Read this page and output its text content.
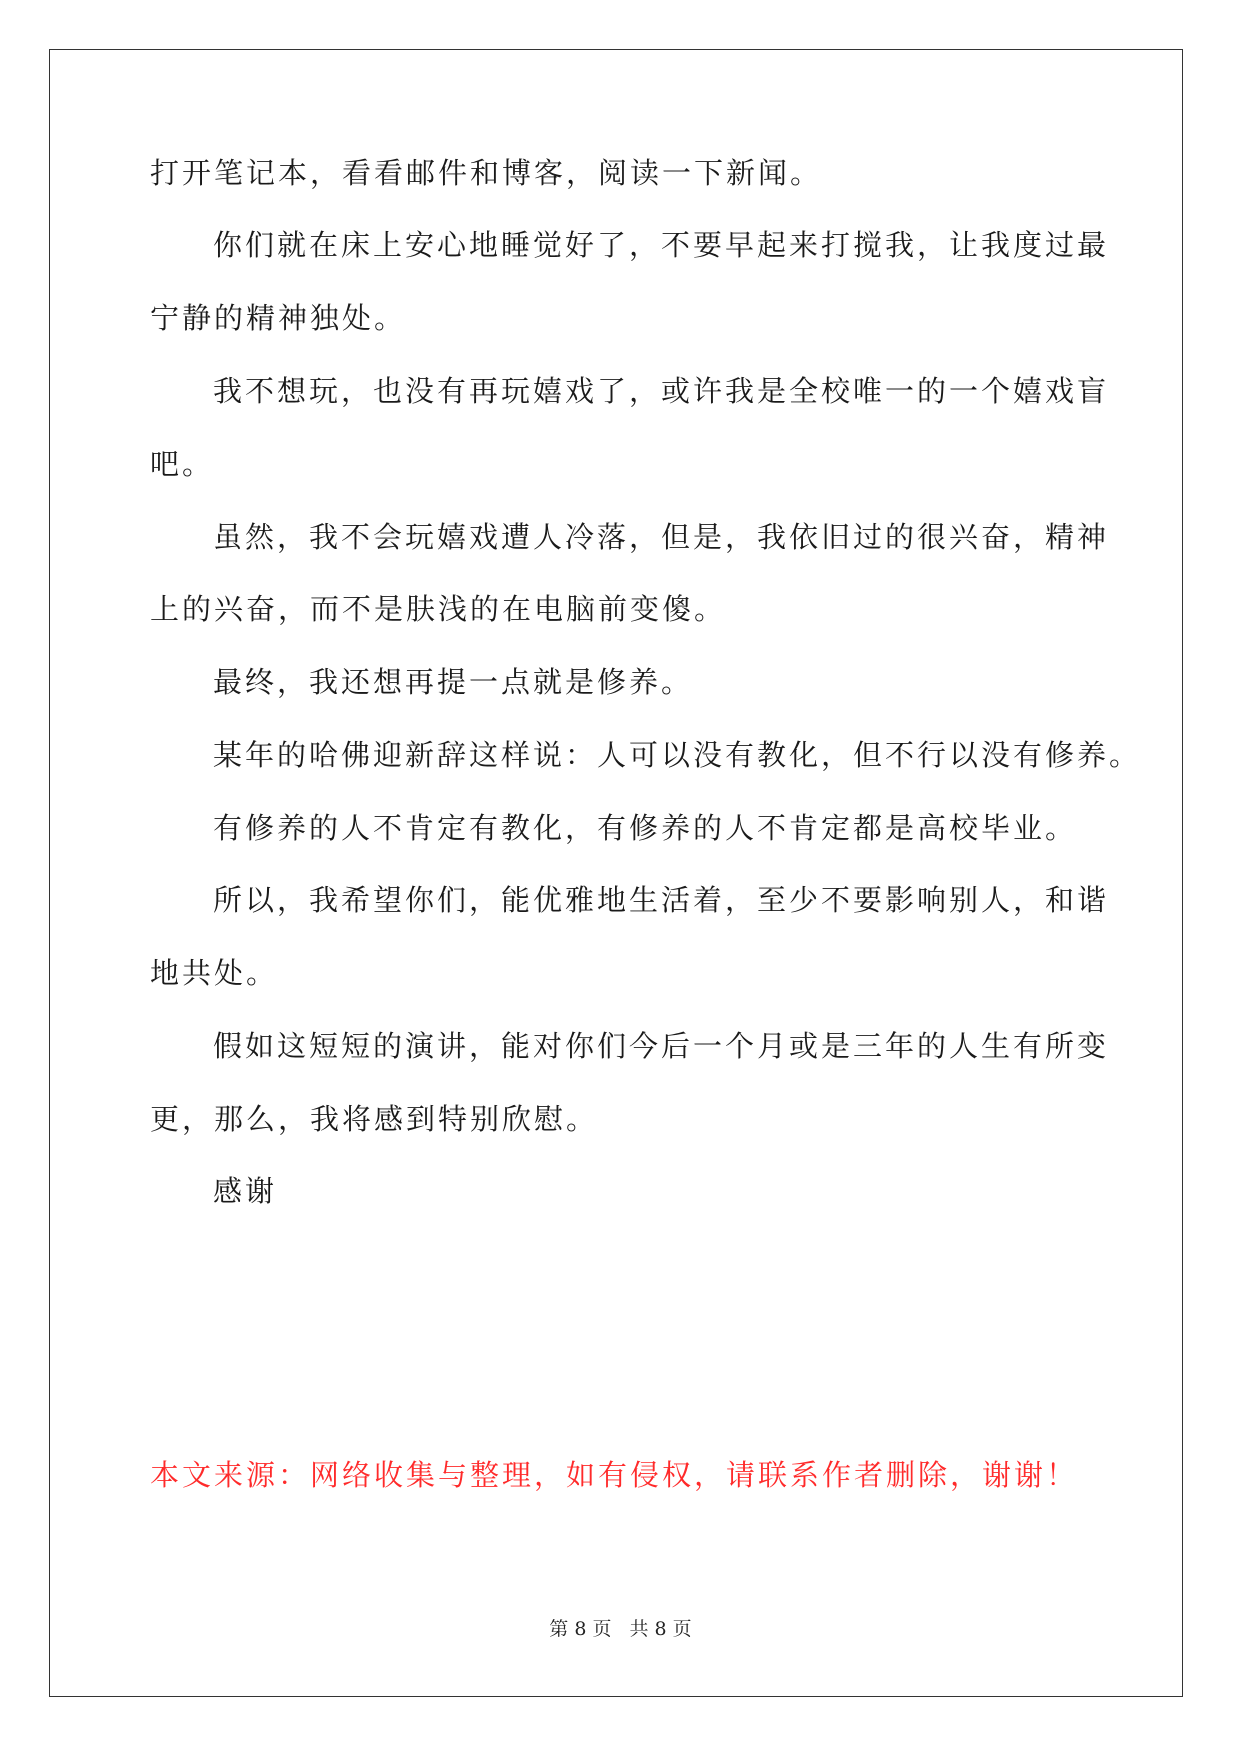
打开笔记本，看看邮件和博客，阅读一下新闻。
你们就在床上安心地睡觉好了，不要早起来打搅我，让我度过最
宁静的精神独处。
我不想玩，也没有再玩嬉戏了，或许我是全校唯一的一个嬉戏盲
吧。
虽然，我不会玩嬉戏遭人冷落，但是，我依旧过的很兴奋，精神
上的兴奋，而不是肤浅的在电脑前变傻。
最终，我还想再提一点就是修养。
某年的哈佛迎新辞这样说：人可以没有教化，但不行以没有修养。
有修养的人不肯定有教化，有修养的人不肯定都是高校毕业。
所以，我希望你们，能优雅地生活着，至少不要影响别人，和谐
地共处。
假如这短短的演讲，能对你们今后一个月或是三年的人生有所变
更，那么，我将感到特别欣慰。
感谢
本文来源：网络收集与整理，如有侵权，请联系作者删除，谢谢！
第 8 页 共 8 页
